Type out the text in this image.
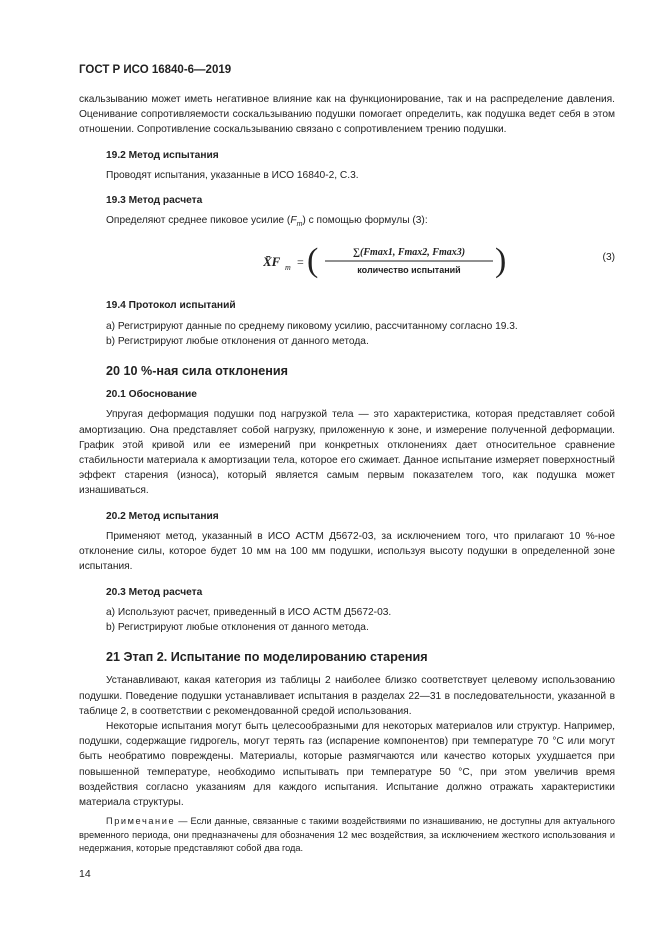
ГОСТ Р ИСО 16840-6—2019

скальзыванию может иметь негативное влияние как на функционирование, так и на распределение давления. Оценивание сопротивляемости соскальзыванию подушки помогает определить, как подушка ведет себя в этом отношении. Сопротивление соскальзыванию связано с сопротивлением трению подушки.

19.2 Метод испытания

Проводят испытания, указанные в ИСО 16840-2, С.3.

19.3 Метод расчета

Определяют среднее пиковое усилие $(F_m)$ с помощью формулы (3):

X̄F m = (	∑(Fmax1, Fmax2, Fmax3)
количество испытаний )	(3)
19.4 Протокол испытаний

а) Регистрируют данные по среднему пиковому усилию, рассчитанному согласно 19.3.

b) Регистрируют любые отклонения от данного метода.

20 10 %-ная сила отклонения
20.1 Обоснование

Упругая деформация подушки под нагрузкой тела — это характеристика, которая представляет собой амортизацию. Она представляет собой нагрузку, приложенную к зоне, и измерение полученной деформации. График этой кривой или ее измерений при конкретных отклонениях дает относительное сравнение стабильности материала к амортизации тела, которое его сжимает. Данное испытание измеряет поверхностный эффект старения (износа), который является самым первым показателем того, как подушка может изнашиваться.

20.2 Метод испытания

Применяют метод, указанный в ИСО АСТМ Д5672-03, за исключением того, что прилагают 10 %-ное отклонение силы, которое будет 10 мм на 100 мм подушки, используя высоту подушки в определенной зоне испытания.

20.3 Метод расчета

а) Используют расчет, приведенный в ИСО АСТМ Д5672-03.

b) Регистрируют любые отклонения от данного метода.

21 Этап 2. Испытание по моделированию старения

Устанавливают, какая категория из таблицы 2 наиболее близко соответствует целевому использованию подушки. Поведение подушки устанавливает испытания в разделах 22—31 в последовательности, указанной в таблице 2, в соответствии с рекомендованной средой использования.

Некоторые испытания могут быть целесообразными для некоторых материалов или структур. Например, подушки, содержащие гидрогель, могут терять газ (испарение компонентов) при температуре 70 °С или могут быть необратимо повреждены. Материалы, которые размягчаются или качество которых ухудшается при повышенной температуре, необходимо испытывать при температуре 50 °С, при этом увеличив время воздействия согласно указаниям для каждого испытания. Испытание должно отражать характеристики материала структуры.

Примечание — Если данные, связанные с такими воздействиями по изнашиванию, не доступны для актуального временного периода, они предназначены для обозначения 12 мес воздействия, за исключением жесткого использования и недержания, которые представляют собой два года.

14
